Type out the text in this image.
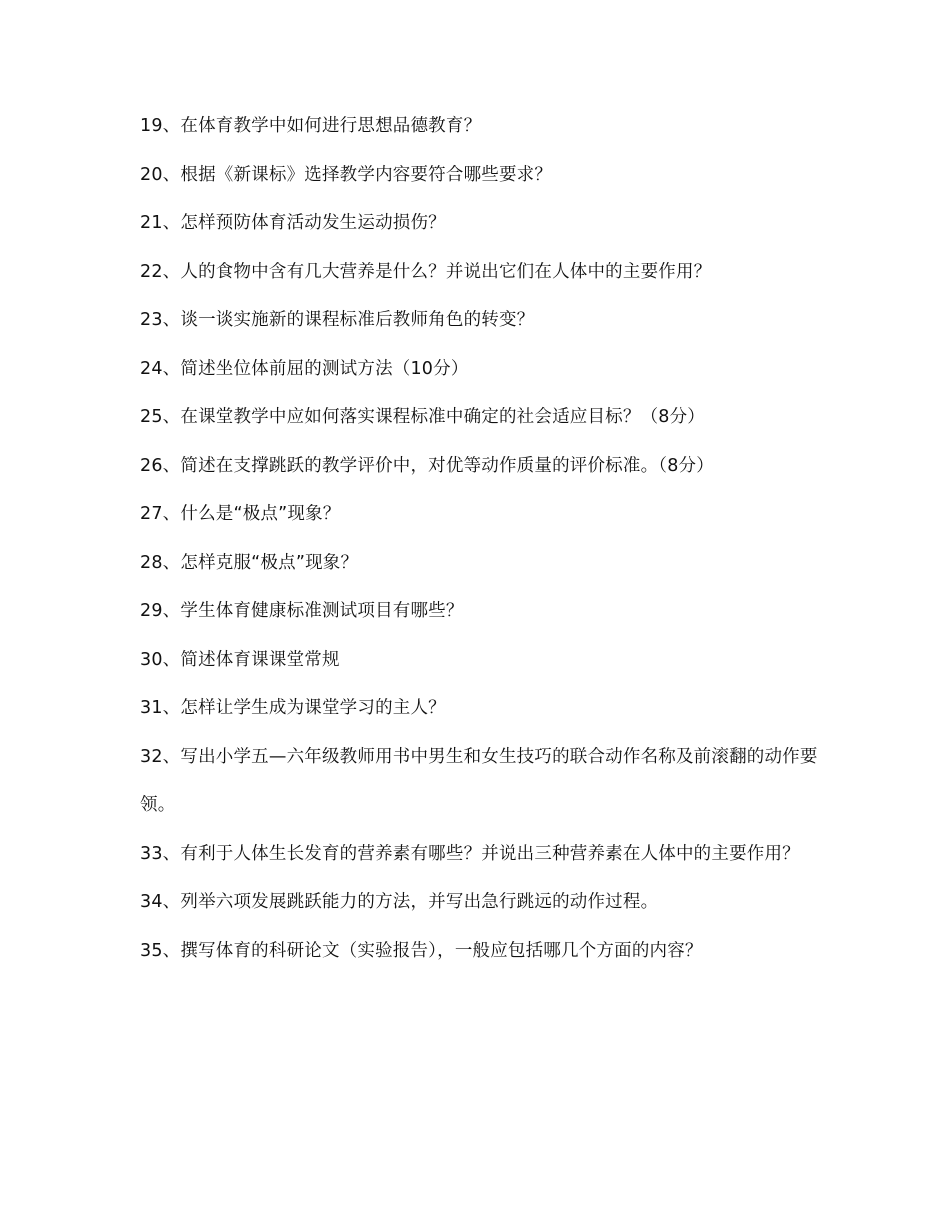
19、在体育教学中如何进行思想品德教育？
20、根据《新课标》选择教学内容要符合哪些要求？
21、怎样预防体育活动发生运动损伤？
22、人的食物中含有几大营养是什么？并说出它们在人体中的主要作用？
23、谈一谈实施新的课程标准后教师角色的转变？
24、简述坐位体前屈的测试方法（10分）
25、在课堂教学中应如何落实课程标准中确定的社会适应目标？（8分）
26、简述在支撑跳跃的教学评价中，对优等动作质量的评价标准。（8分）
27、什么是“极点”现象？
28、怎样克服“极点”现象？
29、学生体育健康标准测试项目有哪些？
30、简述体育课课堂常规
31、怎样让学生成为课堂学习的主人？
32、写出小学五—六年级教师用书中男生和女生技巧的联合动作名称及前滚翻的动作要领。
33、有利于人体生长发育的营养素有哪些？并说出三种营养素在人体中的主要作用？
34、列举六项发展跳跃能力的方法，并写出急行跳远的动作过程。
35、撰写体育的科研论文（实验报告），一般应包括哪几个方面的内容？
